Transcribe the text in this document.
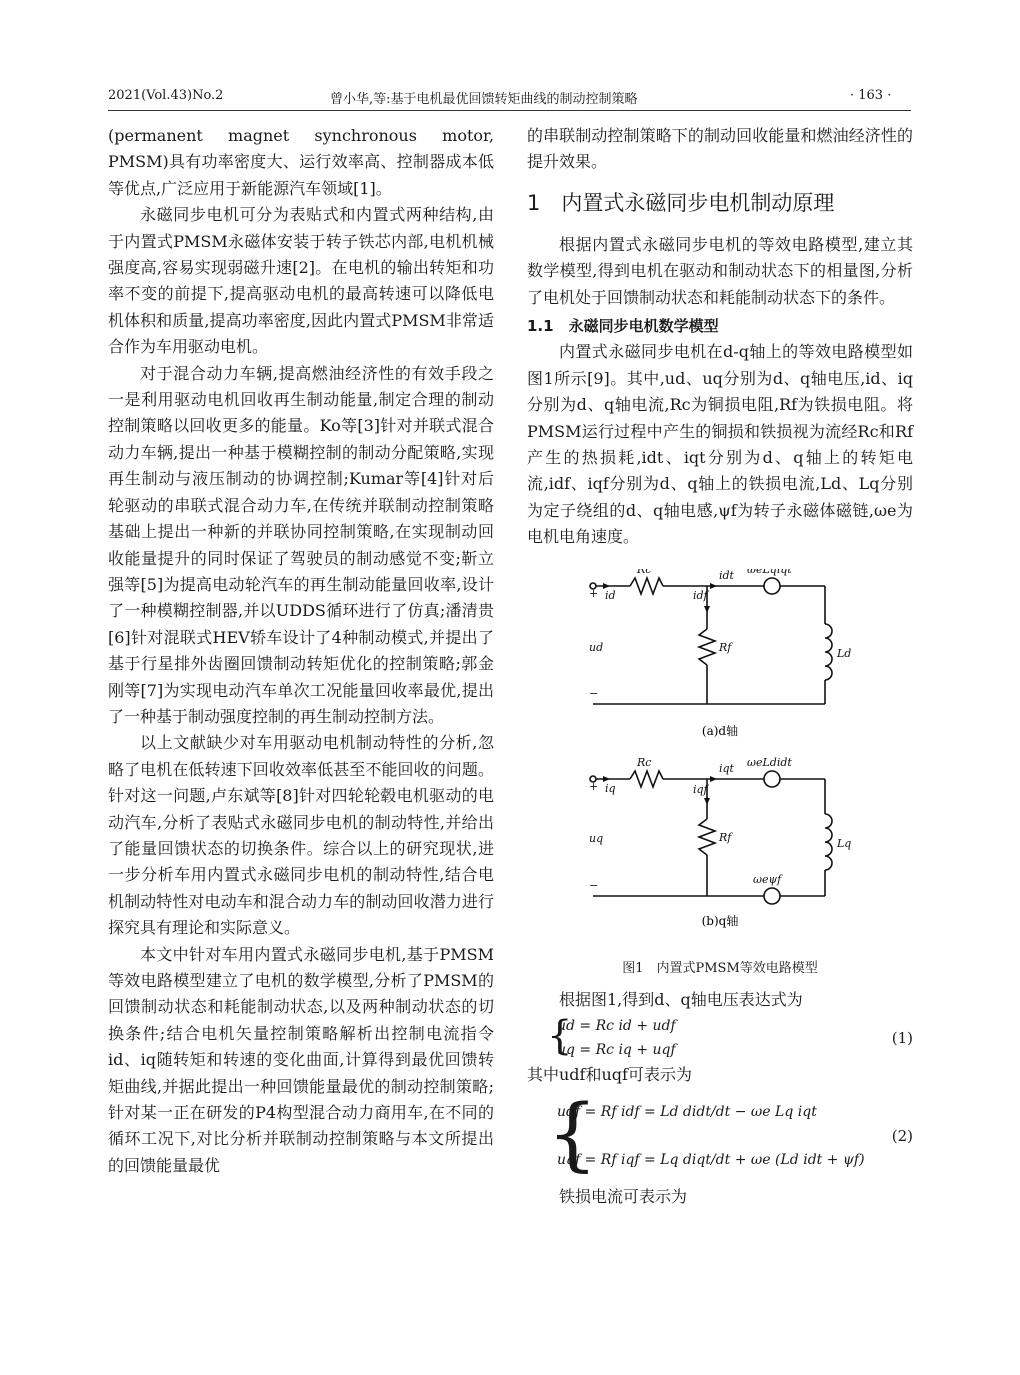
2021(Vol.43)No.2	曾小华,等:基于电机最优回馈转矩曲线的制动控制策略	· 163 ·

(permanent magnet synchronous motor, PMSM)具有功率密度大、运行效率高、控制器成本低等优点,广泛应用于新能源汽车领域[1]。

永磁同步电机可分为表贴式和内置式两种结构,由于内置式PMSM永磁体安装于转子铁芯内部,电机机械强度高,容易实现弱磁升速[2]。在电机的输出转矩和功率不变的前提下,提高驱动电机的最高转速可以降低电机体积和质量,提高功率密度,因此内置式PMSM非常适合作为车用驱动电机。

对于混合动力车辆,提高燃油经济性的有效手段之一是利用驱动电机回收再生制动能量,制定合理的制动控制策略以回收更多的能量。Ko等[3]针对并联式混合动力车辆,提出一种基于模糊控制的制动分配策略,实现再生制动与液压制动的协调控制;Kumar等[4]针对后轮驱动的串联式混合动力车,在传统并联制动控制策略基础上提出一种新的并联协同控制策略,在实现制动回收能量提升的同时保证了驾驶员的制动感觉不变;靳立强等[5]为提高电动轮汽车的再生制动能量回收率,设计了一种模糊控制器,并以UDDS循环进行了仿真;潘清贵[6]针对混联式HEV轿车设计了4种制动模式,并提出了基于行星排外齿圈回馈制动转矩优化的控制策略;郭金刚等[7]为实现电动汽车单次工况能量回收率最优,提出了一种基于制动强度控制的再生制动控制方法。

以上文献缺少对车用驱动电机制动特性的分析,忽略了电机在低转速下回收效率低甚至不能回收的问题。针对这一问题,卢东斌等[8]针对四轮轮毂电机驱动的电动汽车,分析了表贴式永磁同步电机的制动特性,并给出了能量回馈状态的切换条件。综合以上的研究现状,进一步分析车用内置式永磁同步电机的制动特性,结合电机制动特性对电动车和混合动力车的制动回收潜力进行探究具有理论和实际意义。

本文中针对车用内置式永磁同步电机,基于PMSM等效电路模型建立了电机的数学模型,分析了PMSM的回馈制动状态和耗能制动状态,以及两种制动状态的切换条件;结合电机矢量控制策略解析出控制电流指令id、iq随转矩和转速的变化曲面,计算得到最优回馈转矩曲线,并据此提出一种回馈能量最优的制动控制策略;针对某一正在研发的P4构型混合动力商用车,在不同的循环工况下,对比分析并联制动控制策略与本文所提出的回馈能量最优

的串联制动控制策略下的制动回收能量和燃油经济性的提升效果。

1　内置式永磁同步电机制动原理

根据内置式永磁同步电机的等效电路模型,建立其数学模型,得到电机在驱动和制动状态下的相量图,分析了电机处于回馈制动状态和耗能制动状态下的条件。

1.1　永磁同步电机数学模型

内置式永磁同步电机在d-q轴上的等效电路模型如图1所示[9]。其中,ud、uq分别为d、q轴电压,id、iq分别为d、q轴电流,Rc为铜损电阻,Rf为铁损电阻。将PMSM运行过程中产生的铜损和铁损视为流经Rc和Rf产生的热损耗,idt、iqt分别为d、q轴上的转矩电流,idf、iqf分别为d、q轴上的铁损电流,Ld、Lq分别为定子绕组的d、q轴电感,ψf为转子永磁体磁链,ωe为电机电角速度。

+ id
Rc	idt ωeLqiqt
idf
Rf	Ld
ud
−
+ iq
Rc	iqt ωeLdidt
iqf
Rf	Lq
uq
−	ωeψf
(a)d轴
(b)q轴
图1　内置式PMSM等效电路模型

根据图1,得到d、q轴电压表达式为

{
ud = Rc id + udf
uq = Rc iq + uqf
(1)

其中udf和uqf可表示为

{
udf = Rf idf = Ld didt/dt − ωe Lq iqt
uqf = Rf iqf = Lq diqt/dt + ωe (Ld idt + ψf)
(2)

铁损电流可表示为
